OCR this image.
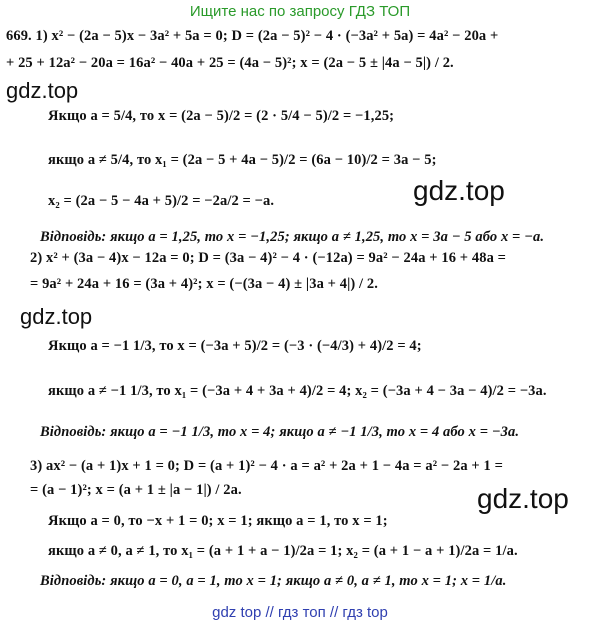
Ищите нас по запросу ГДЗ ТОП
669. 1) x² − (2a − 5)x − 3a² + 5a = 0; D = (2a − 5)² − 4 · (−3a² + 5a) = 4a² − 20a +
+ 25 + 12a² − 20a = 16a² − 40a + 25 = (4a − 5)²; x = (2a − 5 ± |4a − 5|) / 2.
Якщо a = 5/4, то x = (2a − 5)/2 = (2 · 5/4 − 5)/2 = −1,25;
якщо a ≠ 5/4, то x₁ = (2a − 5 + 4a − 5)/2 = (6a − 10)/2 = 3a − 5;
x₂ = (2a − 5 − 4a + 5)/2 = −2a/2 = −a.
Відповідь: якщо a = 1,25, то x = −1,25; якщо a ≠ 1,25, то x = 3a − 5 або x = −a.
2) x² + (3a − 4)x − 12a = 0; D = (3a − 4)² − 4 · (−12a) = 9a² − 24a + 16 + 48a =
= 9a² + 24a + 16 = (3a + 4)²; x = (−(3a − 4) ± |3a + 4|) / 2.
Якщо a = −1 1/3, то x = (−3a + 5)/2 = (−3 · (−4/3) + 4)/2 = 4;
якщо a ≠ −1 1/3, то x₁ = (−3a + 4 + 3a + 4)/2 = 4; x₂ = (−3a + 4 − 3a − 4)/2 = −3a.
Відповідь: якщо a = −1 1/3, то x = 4; якщо a ≠ −1 1/3, то x = 4 або x = −3a.
3) ax² − (a + 1)x + 1 = 0; D = (a + 1)² − 4 · a = a² + 2a + 1 − 4a = a² − 2a + 1 =
= (a − 1)²; x = (a + 1 ± |a − 1|) / 2a.
Якщо a = 0, то −x + 1 = 0; x = 1; якщо a = 1, то x = 1;
якщо a ≠ 0, a ≠ 1, то x₁ = (a + 1 + a − 1)/2a = 1; x₂ = (a + 1 − a + 1)/2a = 1/a.
Відповідь: якщо a = 0, a = 1, то x = 1; якщо a ≠ 0, a ≠ 1, то x = 1; x = 1/a.
gdz.top
gdz.top
gdz.top
gdz.top
gdz top // гдз топ // гдз top
